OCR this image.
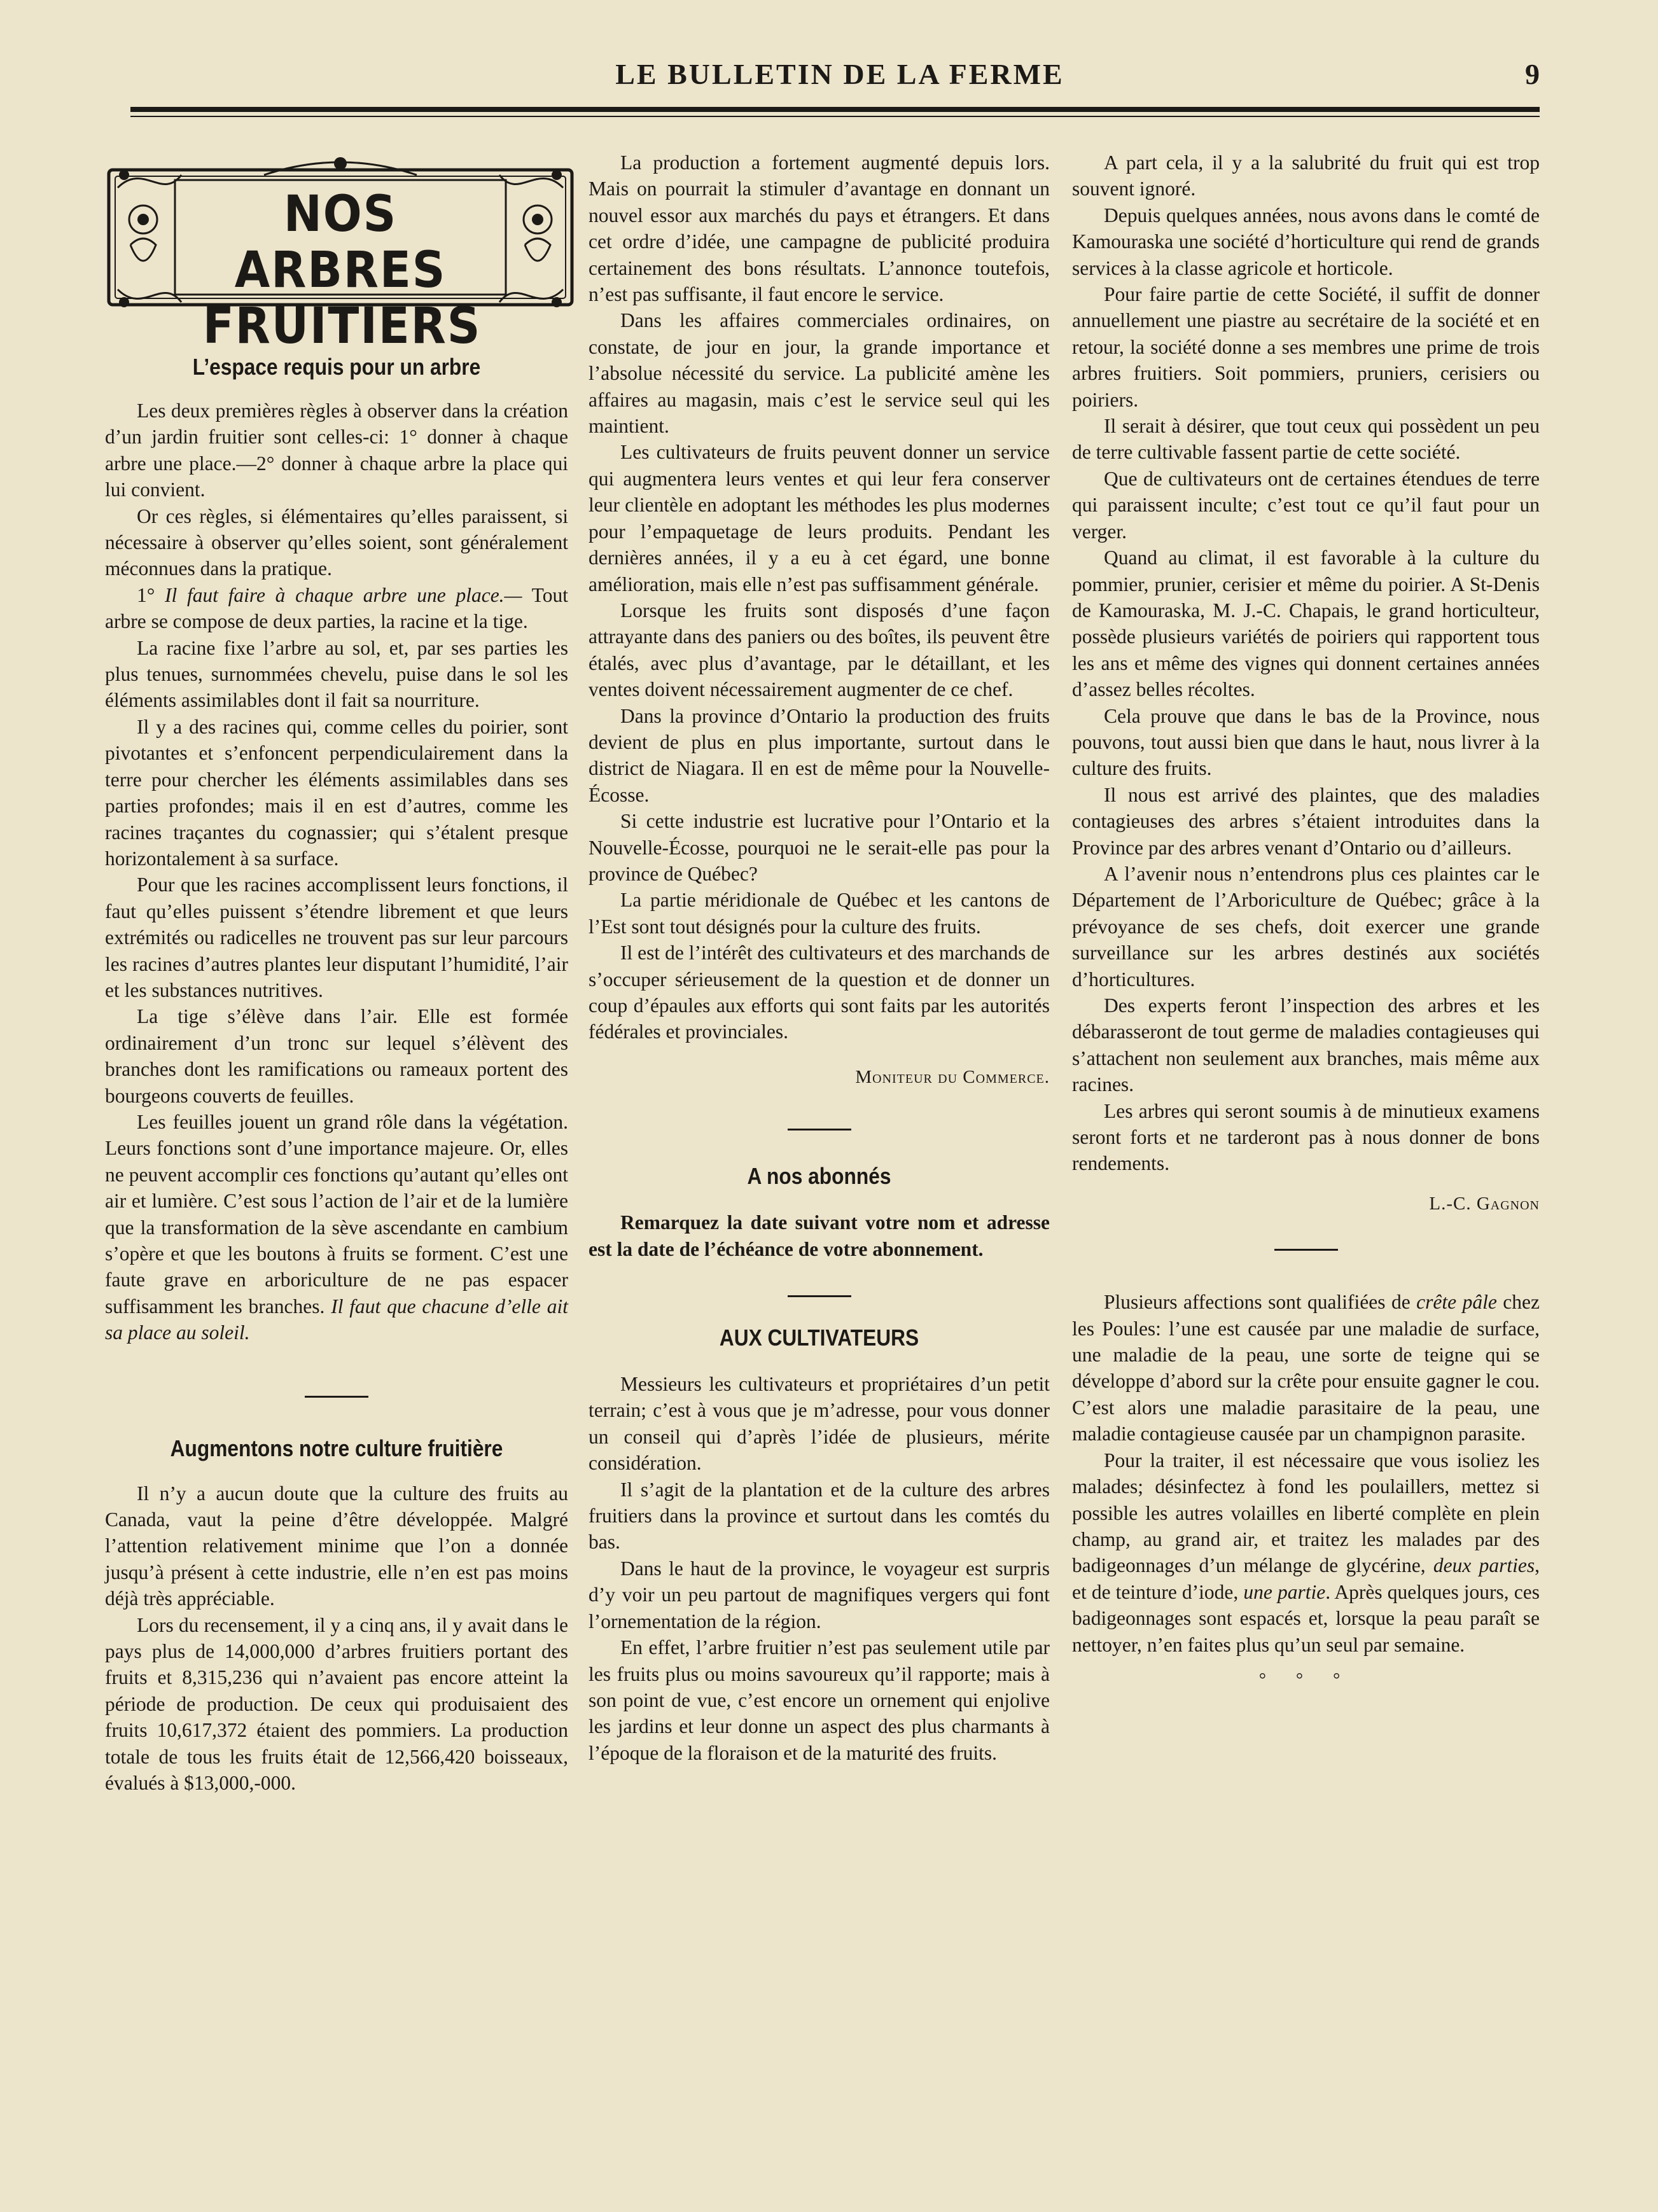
LE BULLETIN DE LA FERME	9
NOS ARBRES
FRUITIERS
L’espace requis pour un arbre

Les deux premières règles à observer dans la création d’un jardin fruitier sont celles-ci: 1° donner à chaque arbre une place.—2° donner à chaque arbre la place qui lui convient.

Or ces règles, si élémentaires qu’elles paraissent, si nécessaire à observer qu’elles soient, sont généralement méconnues dans la pratique.

1° Il faut faire à chaque arbre une place.— Tout arbre se compose de deux parties, la racine et la tige.

La racine fixe l’arbre au sol, et, par ses parties les plus tenues, surnommées chevelu, puise dans le sol les éléments assimilables dont il fait sa nourriture.

Il y a des racines qui, comme celles du poirier, sont pivotantes et s’enfoncent perpendiculairement dans la terre pour chercher les éléments assimilables dans ses parties profondes; mais il en est d’autres, comme les racines traçantes du cognassier; qui s’étalent presque horizontalement à sa surface.

Pour que les racines accomplissent leurs fonctions, il faut qu’elles puissent s’étendre librement et que leurs extrémités ou radicelles ne trouvent pas sur leur parcours les racines d’autres plantes leur disputant l’humidité, l’air et les substances nutritives.

La tige s’élève dans l’air. Elle est formée ordinairement d’un tronc sur lequel s’élèvent des branches dont les ramifications ou rameaux portent des bourgeons couverts de feuilles.

Les feuilles jouent un grand rôle dans la végétation. Leurs fonctions sont d’une importance majeure. Or, elles ne peuvent accomplir ces fonctions qu’autant qu’elles ont air et lumière. C’est sous l’action de l’air et de la lumière que la transformation de la sève ascendante en cambium s’opère et que les boutons à fruits se forment. C’est une faute grave en arboriculture de ne pas espacer suffisamment les branches. Il faut que chacune d’elle ait sa place au soleil.

Augmentons notre culture fruitière

Il n’y a aucun doute que la culture des fruits au Canada, vaut la peine d’être développée. Malgré l’attention relativement minime que l’on a donnée jusqu’à présent à cette industrie, elle n’en est pas moins déjà très appréciable.

Lors du recensement, il y a cinq ans, il y avait dans le pays plus de 14,000,000 d’arbres fruitiers portant des fruits et 8,315,236 qui n’avaient pas encore atteint la période de production. De ceux qui produisaient des fruits 10,617,372 étaient des pommiers. La production totale de tous les fruits était de 12,566,420 boisseaux, évalués à $13,000,-000.

La production a fortement augmenté depuis lors. Mais on pourrait la stimuler d’avantage en donnant un nouvel essor aux marchés du pays et étrangers. Et dans cet ordre d’idée, une campagne de publicité produira certainement des bons résultats. L’annonce toutefois, n’est pas suffisante, il faut encore le service.

Dans les affaires commerciales ordinaires, on constate, de jour en jour, la grande importance et l’absolue nécessité du service. La publicité amène les affaires au magasin, mais c’est le service seul qui les maintient.

Les cultivateurs de fruits peuvent donner un service qui augmentera leurs ventes et qui leur fera conserver leur clientèle en adoptant les méthodes les plus modernes pour l’empaquetage de leurs produits. Pendant les dernières années, il y a eu à cet égard, une bonne amélioration, mais elle n’est pas suffisamment générale.

Lorsque les fruits sont disposés d’une façon attrayante dans des paniers ou des boîtes, ils peuvent être étalés, avec plus d’avantage, par le détaillant, et les ventes doivent nécessairement augmenter de ce chef.

Dans la province d’Ontario la production des fruits devient de plus en plus importante, surtout dans le district de Niagara. Il en est de même pour la Nouvelle-Écosse.

Si cette industrie est lucrative pour l’Ontario et la Nouvelle-Écosse, pourquoi ne le serait-elle pas pour la province de Québec?

La partie méridionale de Québec et les cantons de l’Est sont tout désignés pour la culture des fruits.

Il est de l’intérêt des cultivateurs et des marchands de s’occuper sérieusement de la question et de donner un coup d’épaules aux efforts qui sont faits par les autorités fédérales et provinciales.

Moniteur du Commerce.
A nos abonnés

Remarquez la date suivant votre nom et adresse est la date de l’échéance de votre abonnement.

AUX CULTIVATEURS

Messieurs les cultivateurs et propriétaires d’un petit terrain; c’est à vous que je m’adresse, pour vous donner un conseil qui d’après l’idée de plusieurs, mérite considération.

Il s’agit de la plantation et de la culture des arbres fruitiers dans la province et surtout dans les comtés du bas.

Dans le haut de la province, le voyageur est surpris d’y voir un peu partout de magnifiques vergers qui font l’ornementation de la région.

En effet, l’arbre fruitier n’est pas seulement utile par les fruits plus ou moins savoureux qu’il rapporte; mais à son point de vue, c’est encore un ornement qui enjolive les jardins et leur donne un aspect des plus charmants à l’époque de la floraison et de la maturité des fruits.

A part cela, il y a la salubrité du fruit qui est trop souvent ignoré.

Depuis quelques années, nous avons dans le comté de Kamouraska une société d’horticulture qui rend de grands services à la classe agricole et horticole.

Pour faire partie de cette Société, il suffit de donner annuellement une piastre au secrétaire de la société et en retour, la société donne a ses membres une prime de trois arbres fruitiers. Soit pommiers, pruniers, cerisiers ou poiriers.

Il serait à désirer, que tout ceux qui possèdent un peu de terre cultivable fassent partie de cette société.

Que de cultivateurs ont de certaines étendues de terre qui paraissent inculte; c’est tout ce qu’il faut pour un verger.

Quand au climat, il est favorable à la culture du pommier, prunier, cerisier et même du poirier. A St-Denis de Kamouraska, M. J.-C. Chapais, le grand horticulteur, possède plusieurs variétés de poiriers qui rapportent tous les ans et même des vignes qui donnent certaines années d’assez belles récoltes.

Cela prouve que dans le bas de la Province, nous pouvons, tout aussi bien que dans le haut, nous livrer à la culture des fruits.

Il nous est arrivé des plaintes, que des maladies contagieuses des arbres s’étaient introduites dans la Province par des arbres venant d’Ontario ou d’ailleurs.

A l’avenir nous n’entendrons plus ces plaintes car le Département de l’Arboriculture de Québec; grâce à la prévoyance de ses chefs, doit exercer une grande surveillance sur les arbres destinés aux sociétés d’horticultures.

Des experts feront l’inspection des arbres et les débarasseront de tout germe de maladies contagieuses qui s’attachent non seulement aux branches, mais même aux racines.

Les arbres qui seront soumis à de minutieux examens seront forts et ne tarderont pas à nous donner de bons rendements.

L.-C. Gagnon

Plusieurs affections sont qualifiées de crête pâle chez les Poules: l’une est causée par une maladie de surface, une maladie de la peau, une sorte de teigne qui se développe d’abord sur la crête pour ensuite gagner le cou. C’est alors une maladie parasitaire de la peau, une maladie contagieuse causée par un champignon parasite.

Pour la traiter, il est nécessaire que vous isoliez les malades; désinfectez à fond les poulaillers, mettez si possible les autres volailles en liberté complète en plein champ, au grand air, et traitez les malades par des badigeonnages d’un mélange de glycérine, deux parties, et de teinture d’iode, une partie. Après quelques jours, ces badigeonnages sont espacés et, lorsque la peau paraît se nettoyer, n’en faites plus qu’un seul par semaine.

° ° °
